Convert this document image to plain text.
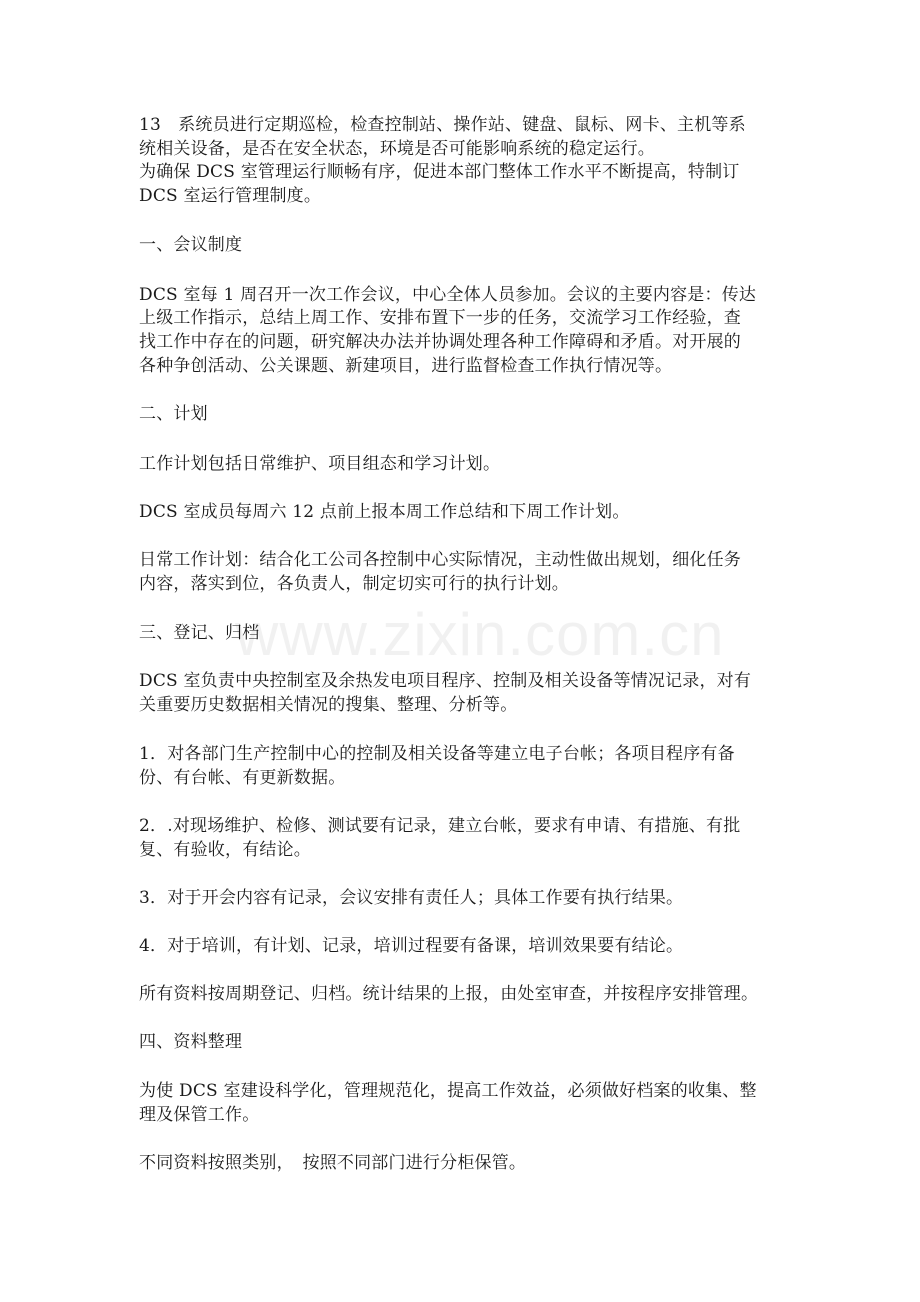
13　系统员进行定期巡检，检查控制站、操作站、键盘、鼠标、网卡、主机等系
统相关设备，是否在安全状态，环境是否可能影响系统的稳定运行。
为确保 DCS 室管理运行顺畅有序，促进本部门整体工作水平不断提高，特制订
DCS 室运行管理制度。
一、会议制度
DCS 室每 1 周召开一次工作会议，中心全体人员参加。会议的主要内容是：传达
上级工作指示，总结上周工作、安排布置下一步的任务，交流学习工作经验，查
找工作中存在的问题，研究解决办法并协调处理各种工作障碍和矛盾。对开展的
各种争创活动、公关课题、新建项目，进行监督检查工作执行情况等。
二、计划
工作计划包括日常维护、项目组态和学习计划。
DCS 室成员每周六 12 点前上报本周工作总结和下周工作计划。
日常工作计划：结合化工公司各控制中心实际情况，主动性做出规划，细化任务
内容，落实到位，各负责人，制定切实可行的执行计划。
三、登记、归档
DCS 室负责中央控制室及余热发电项目程序、控制及相关设备等情况记录，对有
关重要历史数据相关情况的搜集、整理、分析等。
1．对各部门生产控制中心的控制及相关设备等建立电子台帐；各项目程序有备
份、有台帐、有更新数据。
2．.对现场维护、检修、测试要有记录，建立台帐，要求有申请、有措施、有批
复、有验收，有结论。
3．对于开会内容有记录，会议安排有责任人；具体工作要有执行结果。
4．对于培训，有计划、记录，培训过程要有备课，培训效果要有结论。
所有资料按周期登记、归档。统计结果的上报，由处室审查，并按程序安排管理。
四、资料整理
为使 DCS 室建设科学化，管理规范化，提高工作效益，必须做好档案的收集、整
理及保管工作。
不同资料按照类别，　按照不同部门进行分柜保管。
www.zixin.com.cn
